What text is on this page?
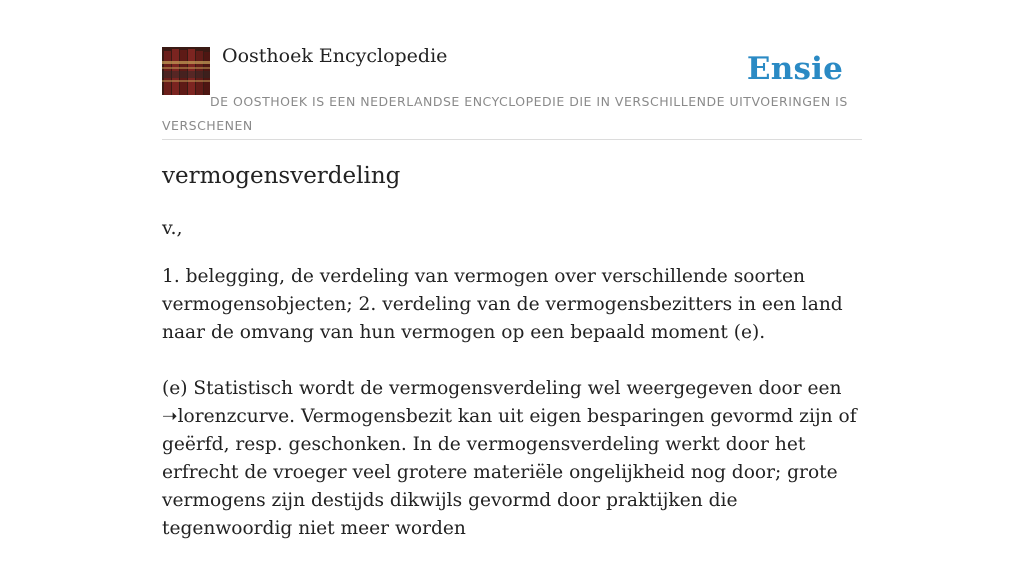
Oosthoek Encyclopedie	Ensie
DE OOSTHOEK IS EEN NEDERLANDSE ENCYCLOPEDIE DIE IN VERSCHILLENDE UITVOERINGEN IS VERSCHENEN
vermogensverdeling
v.,

1. belegging, de verdeling van vermogen over verschillende soorten vermogensobjecten; 2. verdeling van de vermogensbezitters in een land naar de omvang van hun vermogen op een bepaald moment (e).

(e) Statistisch wordt de vermogensverdeling wel weergegeven door een ➝lorenzcurve. Vermogensbezit kan uit eigen besparingen gevormd zijn of geërfd, resp. geschonken. In de vermogensverdeling werkt door het erfrecht de vroeger veel grotere materiële ongelijkheid nog door; grote vermogens zijn destijds dikwijls gevormd door praktijken die tegenwoordig niet meer worden
